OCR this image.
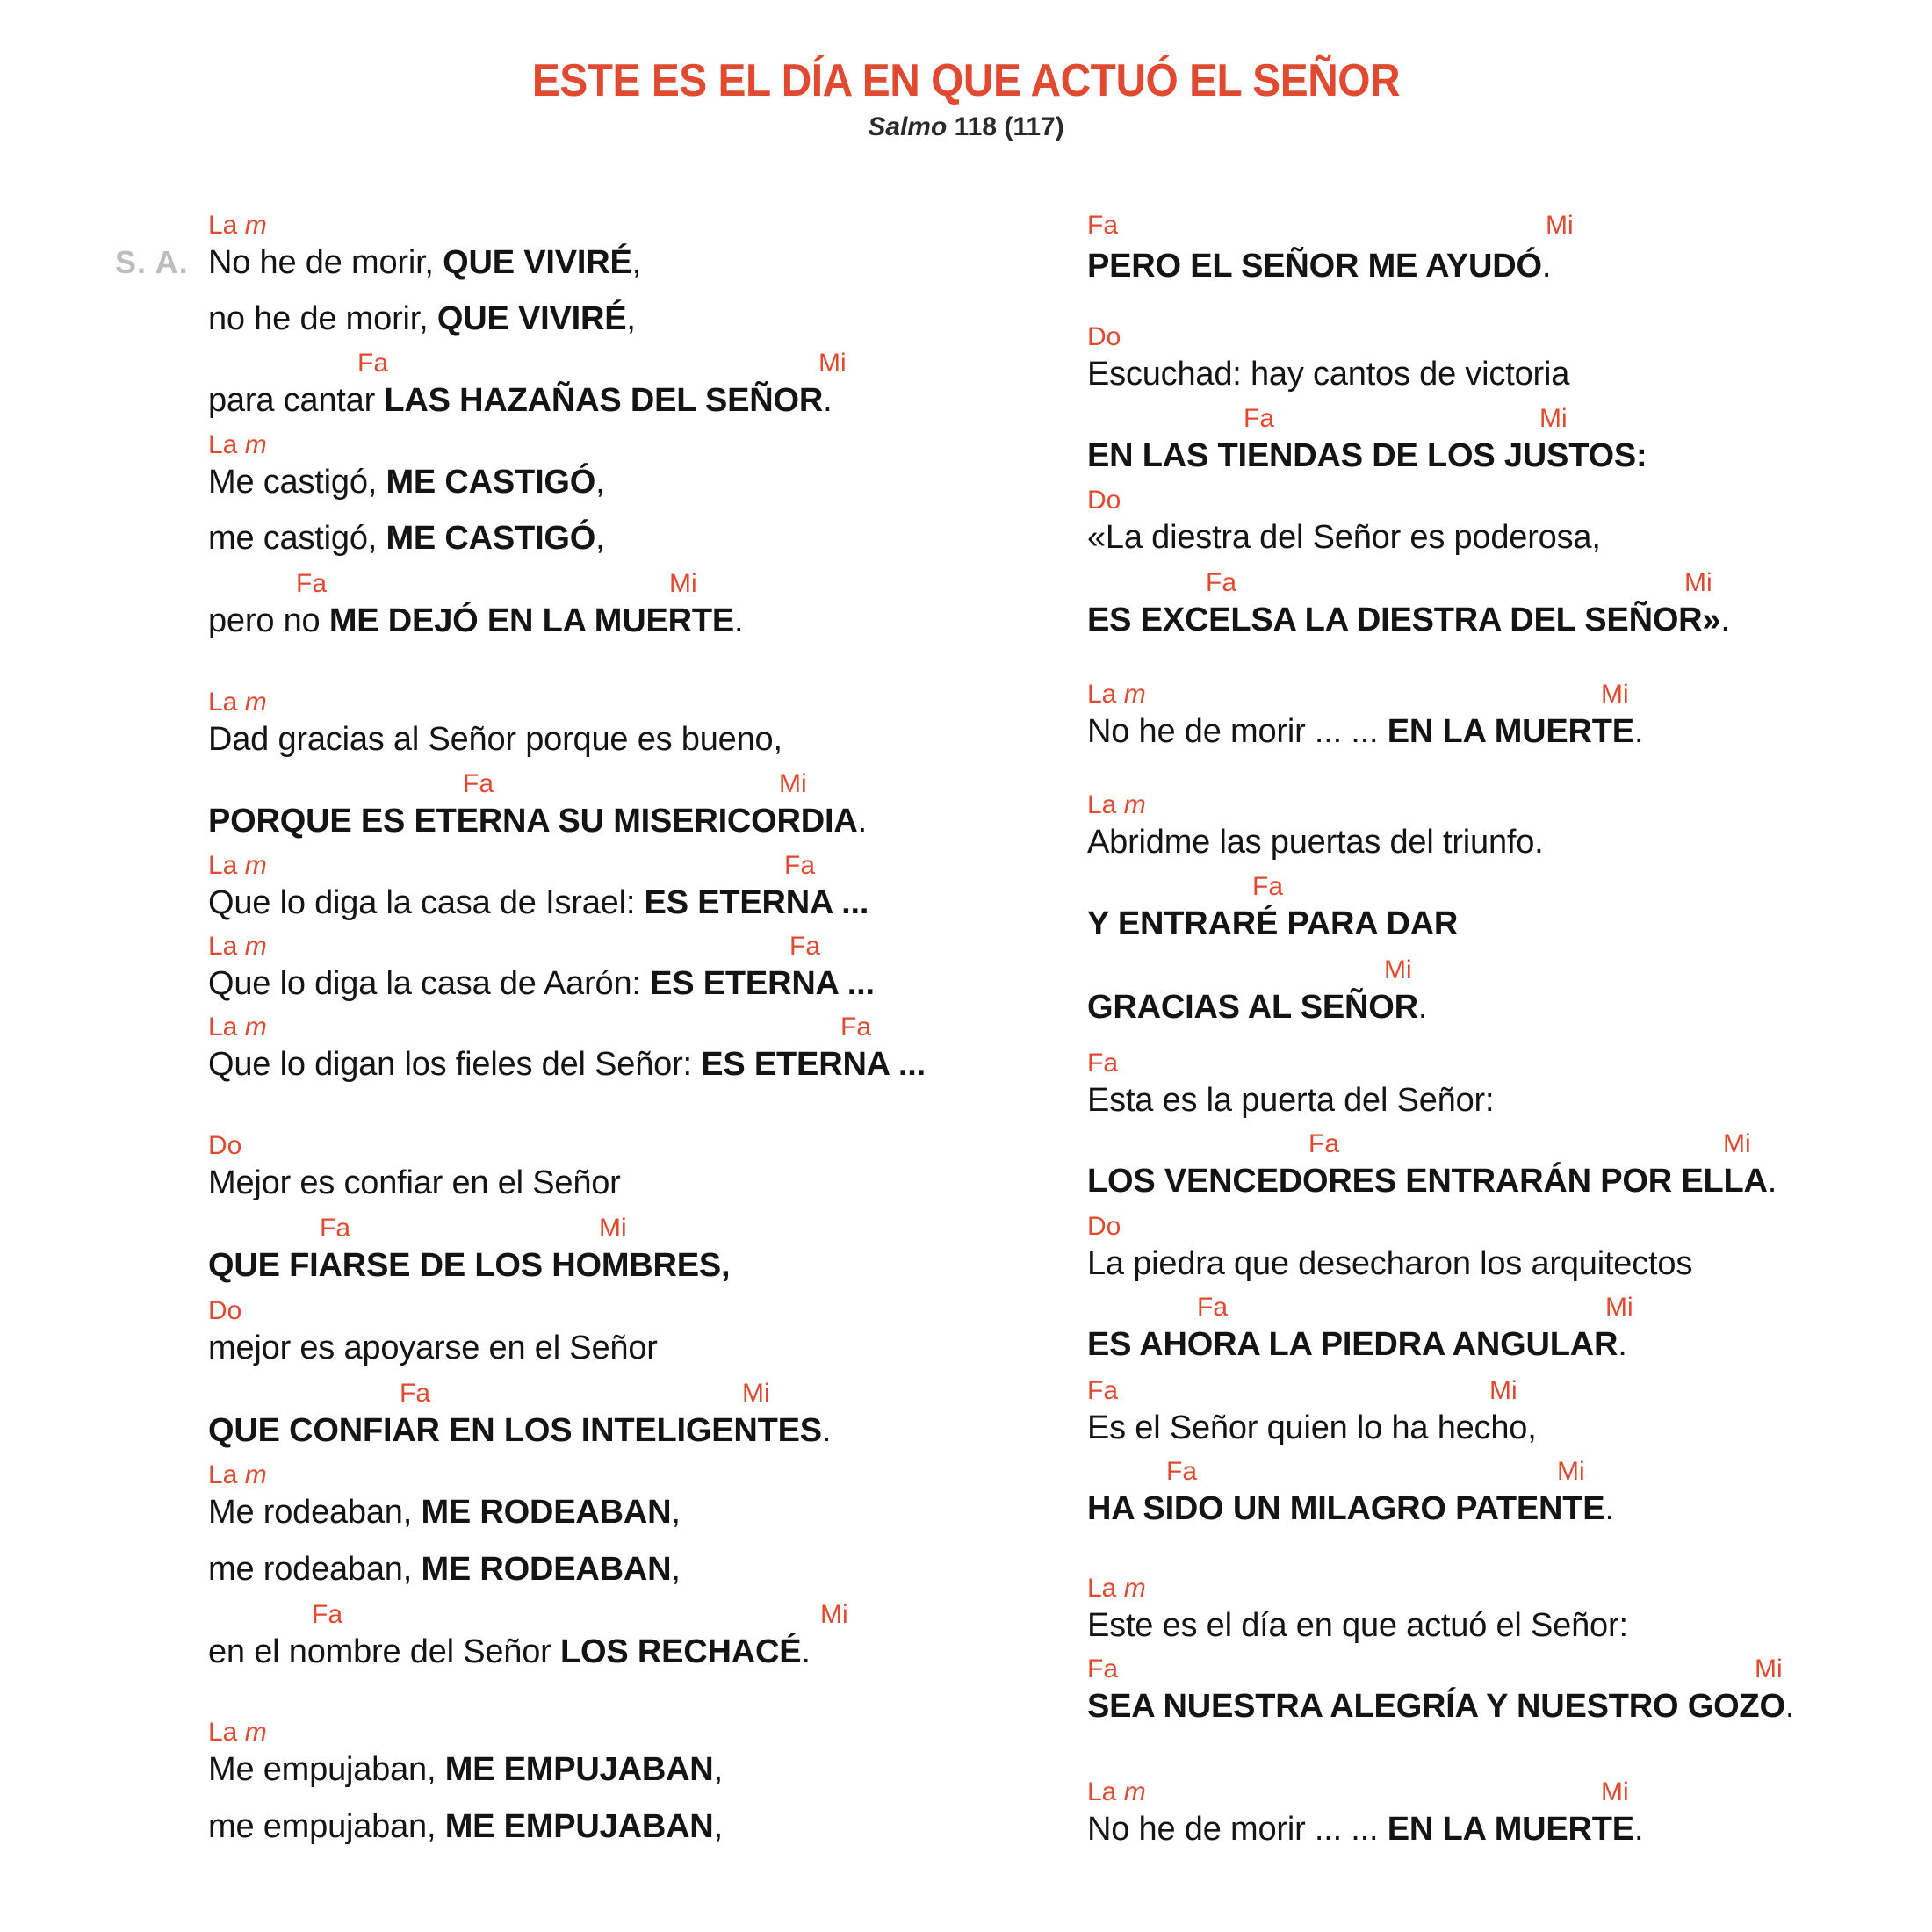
ESTE ES EL DÍA EN QUE ACTUÓ EL SEÑOR
Salmo 118 (117)
S. A.
La m
No he de morir, QUE VIVIRÉ,
no he de morir, QUE VIVIRÉ,
Fa	Mi
para cantar LAS HAZAÑAS DEL SEÑOR.
La m
Me castigó, ME CASTIGÓ,
me castigó, ME CASTIGÓ,
Fa	Mi
pero no ME DEJÓ EN LA MUERTE.
La m
Dad gracias al Señor porque es bueno,
Fa	Mi
PORQUE ES ETERNA SU MISERICORDIA.
La m	Fa
Que lo diga la casa de Israel: ES ETERNA ...
La m	Fa
Que lo diga la casa de Aarón: ES ETERNA ...
La m	Fa
Que lo digan los fieles del Señor: ES ETERNA ...
Do
Mejor es confiar en el Señor
Fa	Mi
QUE FIARSE DE LOS HOMBRES,
Do
mejor es apoyarse en el Señor
Fa	Mi
QUE CONFIAR EN LOS INTELIGENTES.
La m
Me rodeaban, ME RODEABAN,
me rodeaban, ME RODEABAN,
Fa	Mi
en el nombre del Señor LOS RECHACÉ.
La m
Me empujaban, ME EMPUJABAN,
me empujaban, ME EMPUJABAN,
Fa	Mi
PERO EL SEÑOR ME AYUDÓ.
Do
Escuchad: hay cantos de victoria
Fa	Mi
EN LAS TIENDAS DE LOS JUSTOS:
Do
«La diestra del Señor es poderosa,
Fa	Mi
ES EXCELSA LA DIESTRA DEL SEÑOR».
La m	Mi
No he de morir ... ... EN LA MUERTE.
La m
Abridme las puertas del triunfo.
Fa
Y ENTRARÉ PARA DAR
Mi
GRACIAS AL SEÑOR.
Fa
Esta es la puerta del Señor:
Fa	Mi
LOS VENCEDORES ENTRARÁN POR ELLA.
Do
La piedra que desecharon los arquitectos
Fa	Mi
ES AHORA LA PIEDRA ANGULAR.
Fa	Mi
Es el Señor quien lo ha hecho,
Fa	Mi
HA SIDO UN MILAGRO PATENTE.
La m
Este es el día en que actuó el Señor:
Fa	Mi
SEA NUESTRA ALEGRÍA Y NUESTRO GOZO.
La m	Mi
No he de morir ... ... EN LA MUERTE.
